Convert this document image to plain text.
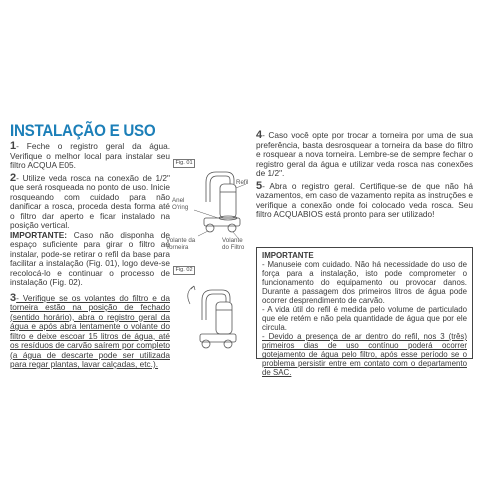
INSTALAÇÃO E USO

1- Feche o registro geral da água. Verifique o melhor local para instalar seu filtro ACQUA E05.

2- Utilize veda rosca na conexão de 1/2" que será rosqueada no ponto de uso. Inicie rosqueando com cuidado para não danificar a rosca, proceda desta forma até o filtro dar aperto e ficar instalado na posição vertical.

IMPORTANTE: Caso não disponha de espaço suficiente para girar o filtro ao instalar, pode-se retirar o refil da base para facilitar a instalação (Fig. 01), logo deve-se recolocá-lo e continuar o processo de instalação (Fig. 02).

3- Verifique se os volantes do filtro e da torneira estão na posição de fechado (sentido horário), abra o registro geral da água e após abra lentamente o volante do filtro e deixe escoar 15 litros de água, até os resíduos de carvão saírem por completo (a água de descarte pode ser utilizada para regar plantas, lavar calçadas, etc.).

Fig. 01
Refil
Anel
O'ring
Volante da
Torneira
Volante
do Filtro
Fig. 02

4- Caso você opte por trocar a torneira por uma de sua preferência, basta desrosquear a torneira da base do filtro e rosquear a nova torneira. Lembre-se de sempre fechar o registro geral da água e utilizar veda rosca nas conexões de 1/2".

5- Abra o registro geral. Certifique-se de que não há vazamentos, em caso de vazamento repita as instruções e verifique a conexão onde foi colocado veda rosca. Seu filtro ACQUABIOS está pronto para ser utilizado!

IMPORTANTE

- Manuseie com cuidado. Não há necessidade do uso de força para a instalação, isto pode comprometer o funcionamento do equipamento ou provocar danos. Durante a passagem dos primeiros litros de água pode ocorrer desprendimento de carvão.

- A vida útil do refil é medida pelo volume de particulado que ele retém e não pela quantidade de água que por ele circula.

- Devido a presença de ar dentro do refil, nos 3 (três) primeiros dias de uso contínuo poderá ocorrer gotejamento de água pelo filtro, após esse período se o problema persistir entre em contato com o departamento de SAC.
